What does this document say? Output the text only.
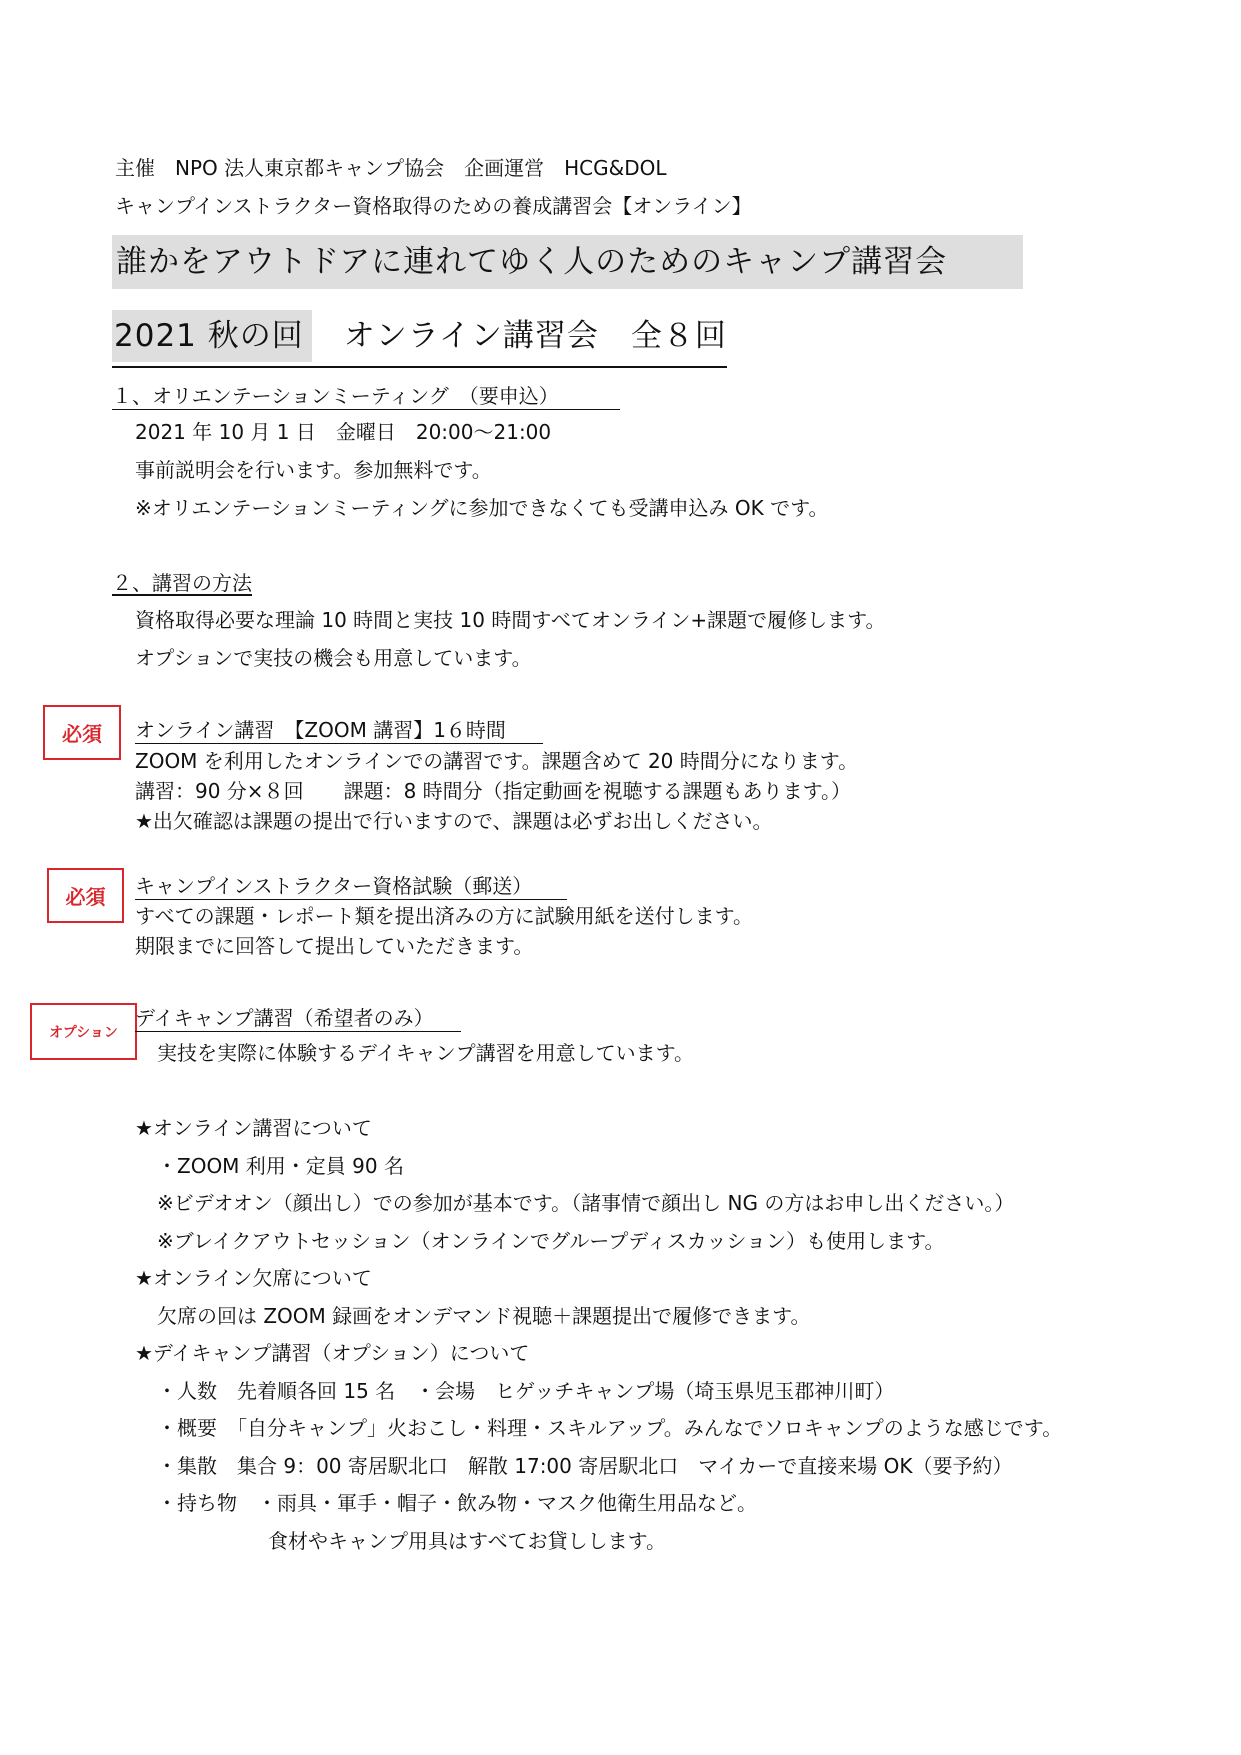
主催　NPO 法人東京都キャンプ協会　企画運営　HCG&DOL
キャンプインストラクター資格取得のための養成講習会【オンライン】
誰かをアウトドアに連れてゆく人のためのキャンプ講習会
2021 秋の回　オンライン講習会　全８回
１、オリエンテーションミーティング　（要申込）
2021 年 10 月 1 日　金曜日　20:00～21:00
事前説明会を行います。参加無料です。
※オリエンテーションミーティングに参加できなくても受講申込み OK です。
２、講習の方法
資格取得必要な理論 10 時間と実技 10 時間すべてオンライン+課題で履修します。
オプションで実技の機会も用意しています。
必須	オンライン講習　【ZOOM 講習】1６時間
ZOOM を利用したオンラインでの講習です。課題含めて 20 時間分になります。
講習：90 分×８回　　課題：8 時間分（指定動画を視聴する課題もあります。）
★出欠確認は課題の提出で行いますので、課題は必ずお出しください。
必須	キャンプインストラクター資格試験（郵送）
すべての課題・レポート類を提出済みの方に試験用紙を送付します。
期限までに回答して提出していただきます。
オプション
デイキャンプ講習（希望者のみ）
実技を実際に体験するデイキャンプ講習を用意しています。
★オンライン講習について
・ZOOM 利用・定員 90 名
※ビデオオン（顔出し）での参加が基本です。（諸事情で顔出し NG の方はお申し出ください。）
※ブレイクアウトセッション（オンラインでグループディスカッション）も使用します。
★オンライン欠席について
欠席の回は ZOOM 録画をオンデマンド視聴＋課題提出で履修できます。
★デイキャンプ講習（オプション）について
・人数　先着順各回 15 名　・会場　ヒゲッチキャンプ場（埼玉県児玉郡神川町）
・概要　「自分キャンプ」火おこし・料理・スキルアップ。みんなでソロキャンプのような感じです。
・集散　集合 9：00 寄居駅北口　解散 17:00 寄居駅北口　マイカーで直接来場 OK（要予約）
・持ち物　・雨具・軍手・帽子・飲み物・マスク他衛生用品など。
食材やキャンプ用具はすべてお貸しします。
